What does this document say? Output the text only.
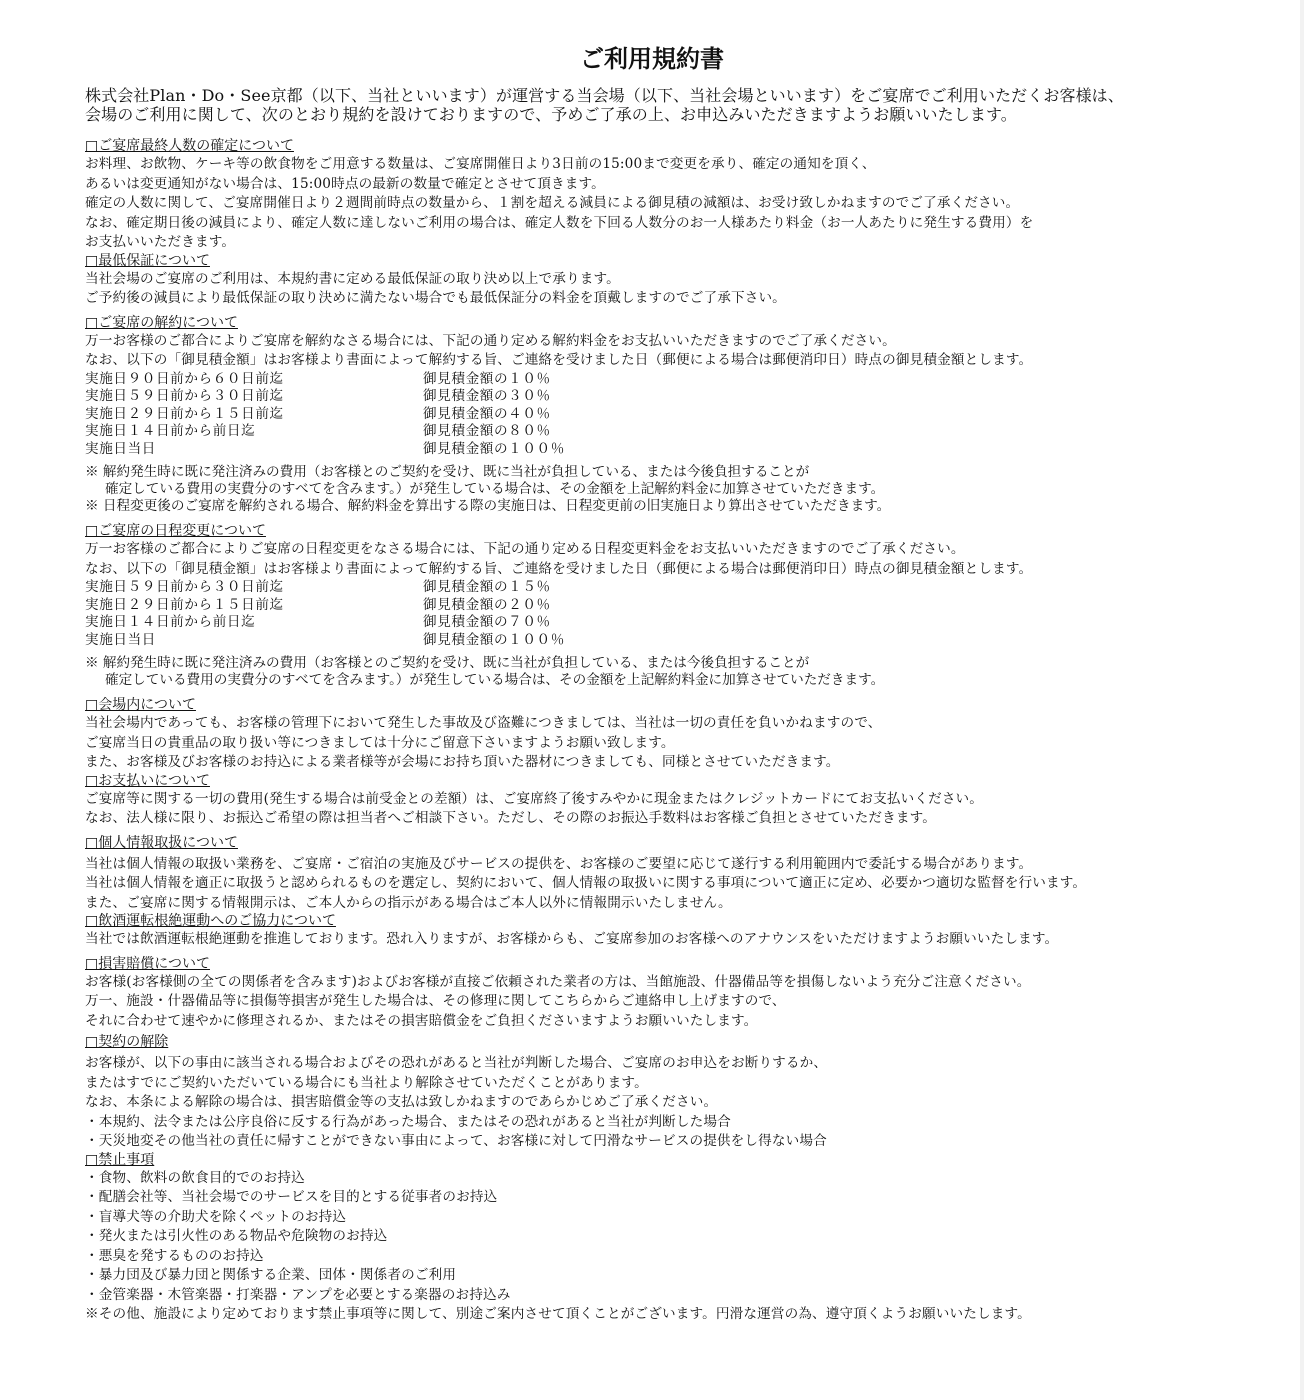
ご利用規約書
株式会社Plan・Do・See京都（以下、当社といいます）が運営する当会場（以下、当社会場といいます）をご宴席でご利用いただくお客様は、
会場のご利用に関して、次のとおり規約を設けておりますので、予めご了承の上、お申込みいただきますようお願いいたします。
□ご宴席最終人数の確定について
お料理、お飲物、ケーキ等の飲食物をご用意する数量は、ご宴席開催日より3日前の15:00まで変更を承り、確定の通知を頂く、
あるいは変更通知がない場合は、15:00時点の最新の数量で確定とさせて頂きます。
確定の人数に関して、ご宴席開催日より２週間前時点の数量から、１割を超える減員による御見積の減額は、お受け致しかねますのでご了承ください。
なお、確定期日後の減員により、確定人数に達しないご利用の場合は、確定人数を下回る人数分のお一人様あたり料金（お一人あたりに発生する費用）を
お支払いいただきます。
□最低保証について
当社会場のご宴席のご利用は、本規約書に定める最低保証の取り決め以上で承ります。
ご予約後の減員により最低保証の取り決めに満たない場合でも最低保証分の料金を頂戴しますのでご了承下さい。
□ご宴席の解約について
万一お客様のご都合によりご宴席を解約なさる場合には、下記の通り定める解約料金をお支払いいただきますのでご了承ください。
なお、以下の「御見積金額」はお客様より書面によって解約する旨、ご連絡を受けました日（郵便による場合は郵便消印日）時点の御見積金額とします。
実施日９０日前から６０日前迄	御見積金額の１０％
実施日５９日前から３０日前迄	御見積金額の３０％
実施日２９日前から１５日前迄	御見積金額の４０％
実施日１４日前から前日迄	御見積金額の８０％
実施日当日	御見積金額の１００％
※ 解約発生時に既に発注済みの費用（お客様とのご契約を受け、既に当社が負担している、または今後負担することが
確定している費用の実費分のすべてを含みます。）が発生している場合は、その金額を上記解約料金に加算させていただきます。
※ 日程変更後のご宴席を解約される場合、解約料金を算出する際の実施日は、日程変更前の旧実施日より算出させていただきます。
□ご宴席の日程変更について
万一お客様のご都合によりご宴席の日程変更をなさる場合には、下記の通り定める日程変更料金をお支払いいただきますのでご了承ください。
なお、以下の「御見積金額」はお客様より書面によって解約する旨、ご連絡を受けました日（郵便による場合は郵便消印日）時点の御見積金額とします。
実施日５９日前から３０日前迄	御見積金額の１５％
実施日２９日前から１５日前迄	御見積金額の２０％
実施日１４日前から前日迄	御見積金額の７０％
実施日当日	御見積金額の１００％
※ 解約発生時に既に発注済みの費用（お客様とのご契約を受け、既に当社が負担している、または今後負担することが
確定している費用の実費分のすべてを含みます。）が発生している場合は、その金額を上記解約料金に加算させていただきます。
□会場内について
当社会場内であっても、お客様の管理下において発生した事故及び盗難につきましては、当社は一切の責任を負いかねますので、
ご宴席当日の貴重品の取り扱い等につきましては十分にご留意下さいますようお願い致します。
また、お客様及びお客様のお持込による業者様等が会場にお持ち頂いた器材につきましても、同様とさせていただきます。
□お支払いについて
ご宴席等に関する一切の費用(発生する場合は前受金との差額）は、ご宴席終了後すみやかに現金またはクレジットカードにてお支払いください。
なお、法人様に限り、お振込ご希望の際は担当者へご相談下さい。ただし、その際のお振込手数料はお客様ご負担とさせていただきます。
□個人情報取扱について
当社は個人情報の取扱い業務を、ご宴席・ご宿泊の実施及びサービスの提供を、お客様のご要望に応じて遂行する利用範囲内で委託する場合があります。
当社は個人情報を適正に取扱うと認められるものを選定し、契約において、個人情報の取扱いに関する事項について適正に定め、必要かつ適切な監督を行います。
また、ご宴席に関する情報開示は、ご本人からの指示がある場合はご本人以外に情報開示いたしません。
□飲酒運転根絶運動へのご協力について
当社では飲酒運転根絶運動を推進しております。恐れ入りますが、お客様からも、ご宴席参加のお客様へのアナウンスをいただけますようお願いいたします。
□損害賠償について
お客様(お客様側の全ての関係者を含みます)およびお客様が直接ご依頼された業者の方は、当館施設、什器備品等を損傷しないよう充分ご注意ください。
万一、施設・什器備品等に損傷等損害が発生した場合は、その修理に関してこちらからご連絡申し上げますので、
それに合わせて速やかに修理されるか、またはその損害賠償金をご負担くださいますようお願いいたします。
□契約の解除
お客様が、以下の事由に該当される場合およびその恐れがあると当社が判断した場合、ご宴席のお申込をお断りするか、
またはすでにご契約いただいている場合にも当社より解除させていただくことがあります。
なお、本条による解除の場合は、損害賠償金等の支払は致しかねますのであらかじめご了承ください。
・本規約、法令または公序良俗に反する行為があった場合、またはその恐れがあると当社が判断した場合
・天災地変その他当社の責任に帰すことができない事由によって、お客様に対して円滑なサービスの提供をし得ない場合
□禁止事項
・食物、飲料の飲食目的でのお持込
・配膳会社等、当社会場でのサービスを目的とする従事者のお持込
・盲導犬等の介助犬を除くペットのお持込
・発火または引火性のある物品や危険物のお持込
・悪臭を発するもののお持込
・暴力団及び暴力団と関係する企業、団体・関係者のご利用
・金管楽器・木管楽器・打楽器・アンプを必要とする楽器のお持込み
※その他、施設により定めております禁止事項等に関して、別途ご案内させて頂くことがございます。円滑な運営の為、遵守頂くようお願いいたします。
